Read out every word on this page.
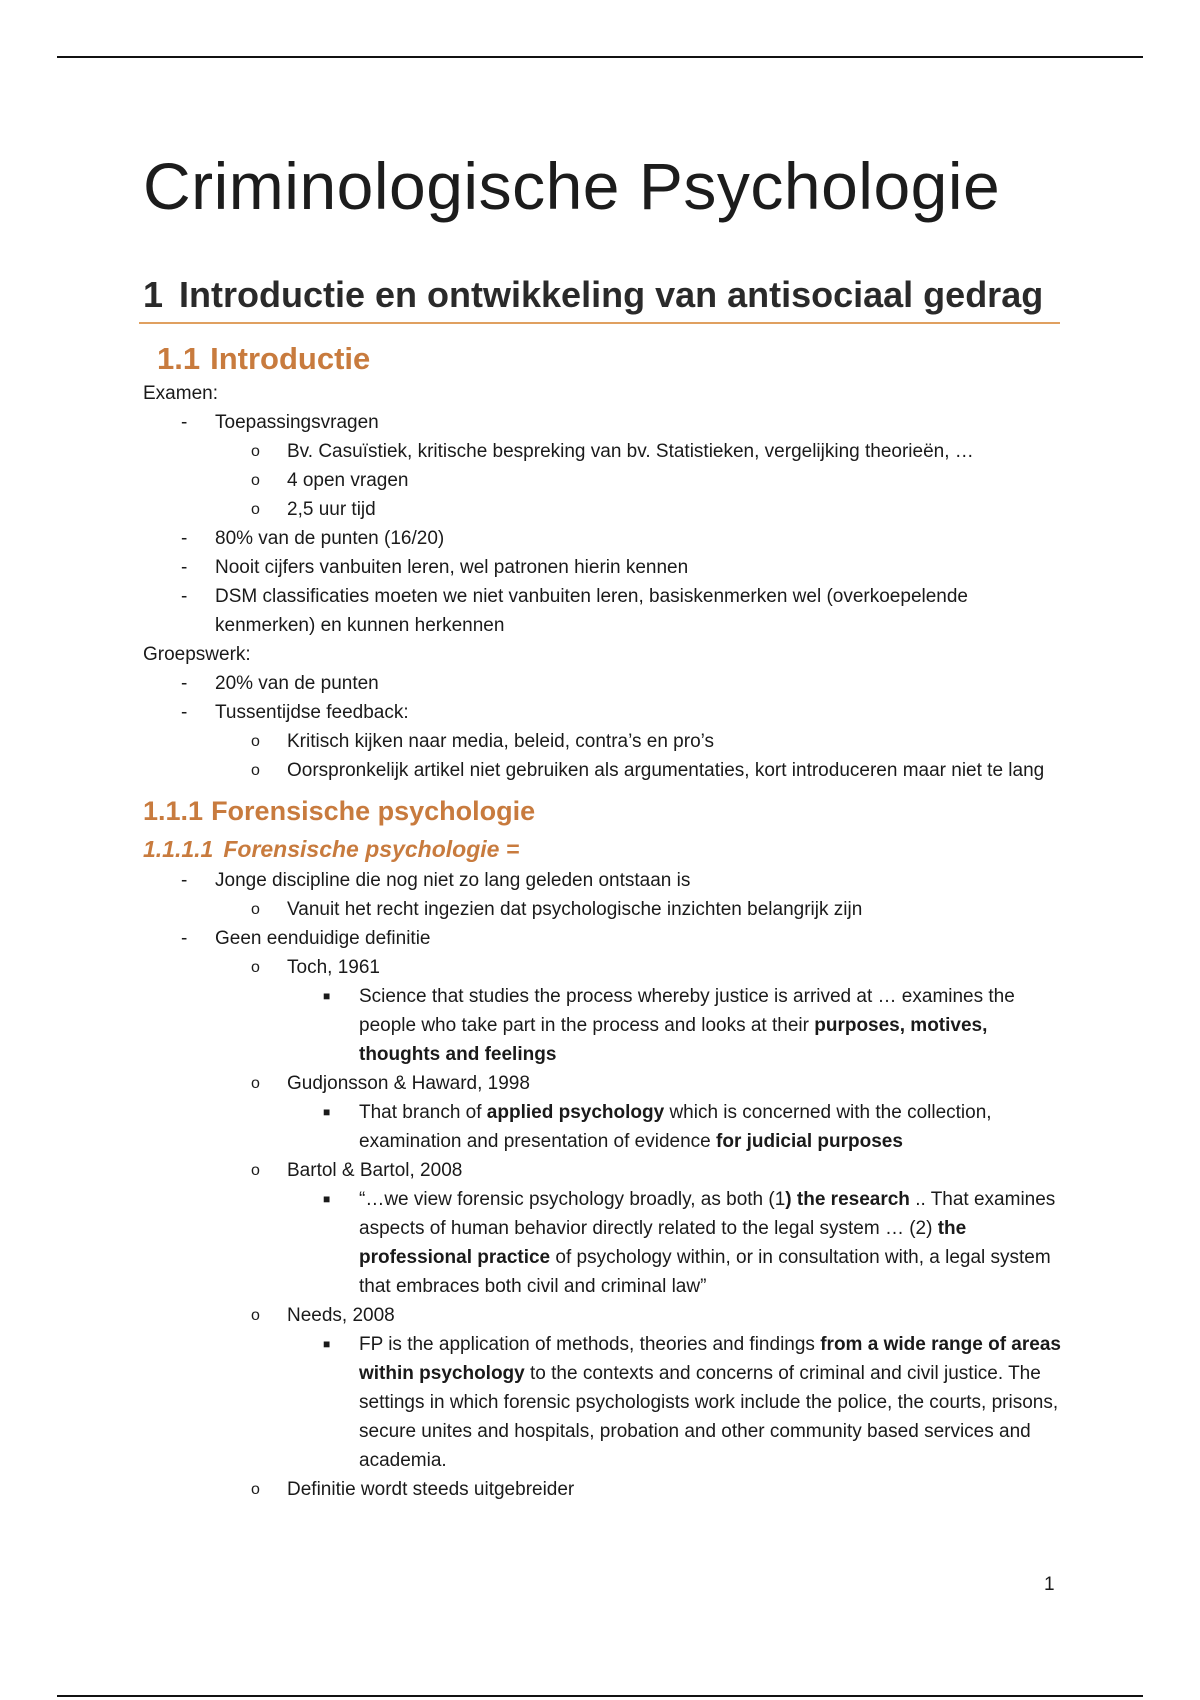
Criminologische Psychologie
1 Introductie en ontwikkeling van antisociaal gedrag
1.1 Introductie

Examen:

- Toepassingsvragen
o Bv. Casuïstiek, kritische bespreking van bv. Statistieken, vergelijking theorieën, …
o 4 open vragen
o 2,5 uur tijd
- 80% van de punten (16/20)
- Nooit cijfers vanbuiten leren, wel patronen hierin kennen
- DSM classificaties moeten we niet vanbuiten leren, basiskenmerken wel (overkoepelende kenmerken) en kunnen herkennen

Groepswerk:

- 20% van de punten
- Tussentijdse feedback:
o Kritisch kijken naar media, beleid, contra’s en pro’s
o Oorspronkelijk artikel niet gebruiken als argumentaties, kort introduceren maar niet te lang
1.1.1 Forensische psychologie
1.1.1.1 Forensische psychologie =
- Jonge discipline die nog niet zo lang geleden ontstaan is
o Vanuit het recht ingezien dat psychologische inzichten belangrijk zijn
- Geen eenduidige definitie
o Toch, 1961
■ Science that studies the process whereby justice is arrived at … examines the people who take part in the process and looks at their purposes, motives, thoughts and feelings
o Gudjonsson & Haward, 1998
■ That branch of applied psychology which is concerned with the collection, examination and presentation of evidence for judicial purposes
o Bartol & Bartol, 2008
■ “…we view forensic psychology broadly, as both (1) the research .. That examines aspects of human behavior directly related to the legal system … (2) the professional practice of psychology within, or in consultation with, a legal system that embraces both civil and criminal law”
o Needs, 2008
■ FP is the application of methods, theories and findings from a wide range of areas within psychology to the contexts and concerns of criminal and civil justice. The settings in which forensic psychologists work include the police, the courts, prisons, secure unites and hospitals, probation and other community based services and academia.
o Definitie wordt steeds uitgebreider
1
